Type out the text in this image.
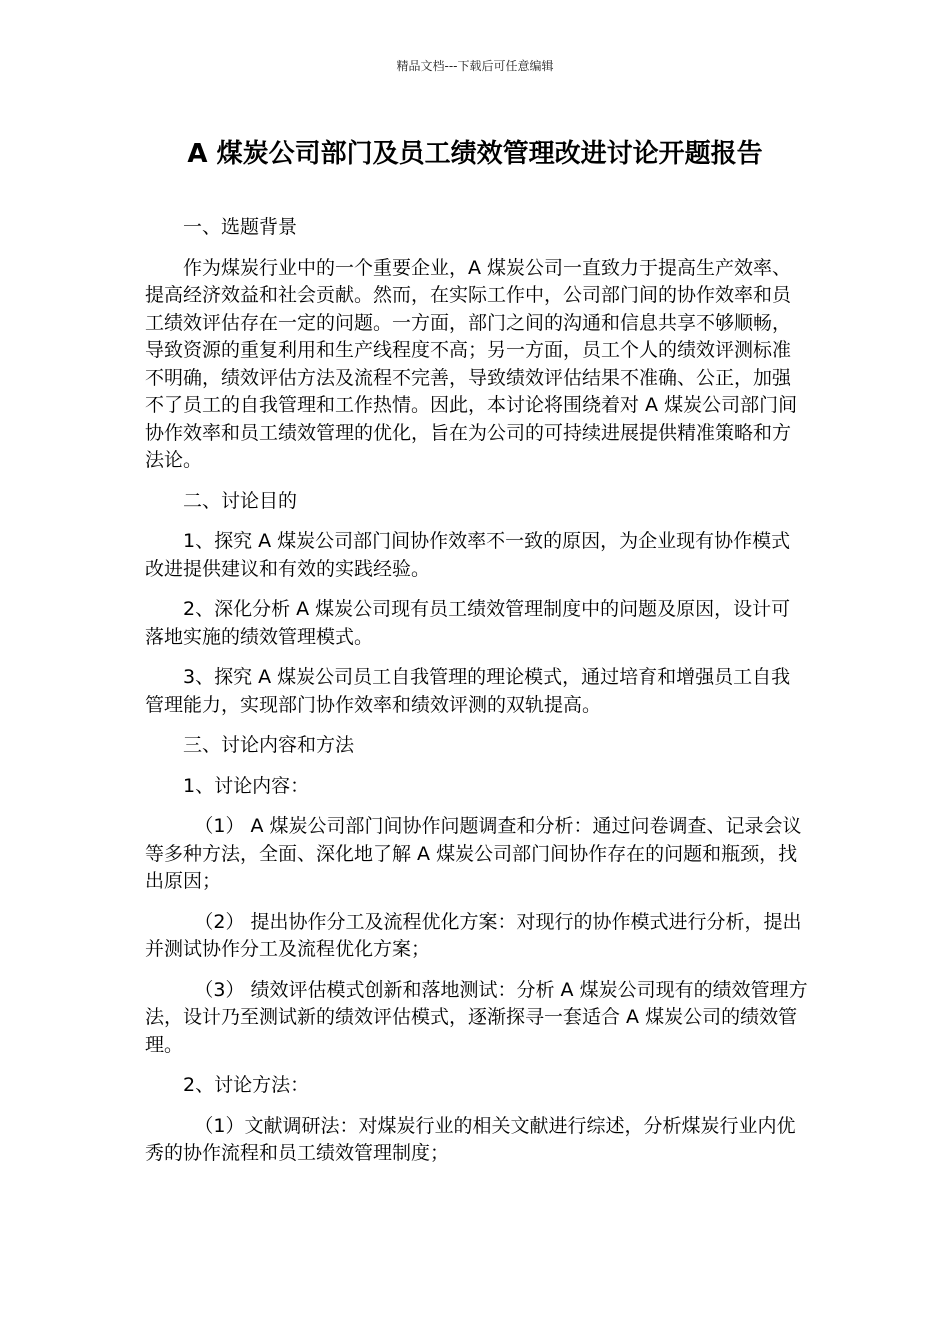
精品文档---下载后可任意编辑
A 煤炭公司部门及员工绩效管理改进讨论开题报告

一、选题背景

作为煤炭行业中的一个重要企业，A 煤炭公司一直致力于提高生产效率、提高经济效益和社会贡献。然而，在实际工作中，公司部门间的协作效率和员工绩效评估存在一定的问题。一方面，部门之间的沟通和信息共享不够顺畅，导致资源的重复利用和生产线程度不高；另一方面，员工个人的绩效评测标准不明确，绩效评估方法及流程不完善，导致绩效评估结果不准确、公正，加强不了员工的自我管理和工作热情。因此，本讨论将围绕着对 A 煤炭公司部门间协作效率和员工绩效管理的优化，旨在为公司的可持续进展提供精准策略和方法论。

二、讨论目的

1、探究 A 煤炭公司部门间协作效率不一致的原因，为企业现有协作模式改进提供建议和有效的实践经验。

2、深化分析 A 煤炭公司现有员工绩效管理制度中的问题及原因，设计可落地实施的绩效管理模式。

3、探究 A 煤炭公司员工自我管理的理论模式，通过培育和增强员工自我管理能力，实现部门协作效率和绩效评测的双轨提高。

三、讨论内容和方法

1、讨论内容：

（1） A 煤炭公司部门间协作问题调查和分析：通过问卷调查、记录会议等多种方法，全面、深化地了解 A 煤炭公司部门间协作存在的问题和瓶颈，找出原因；

（2） 提出协作分工及流程优化方案：对现行的协作模式进行分析，提出并测试协作分工及流程优化方案；

（3） 绩效评估模式创新和落地测试：分析 A 煤炭公司现有的绩效管理方法，设计乃至测试新的绩效评估模式，逐渐探寻一套适合 A 煤炭公司的绩效管理。

2、讨论方法：

（1）文献调研法：对煤炭行业的相关文献进行综述，分析煤炭行业内优秀的协作流程和员工绩效管理制度；
